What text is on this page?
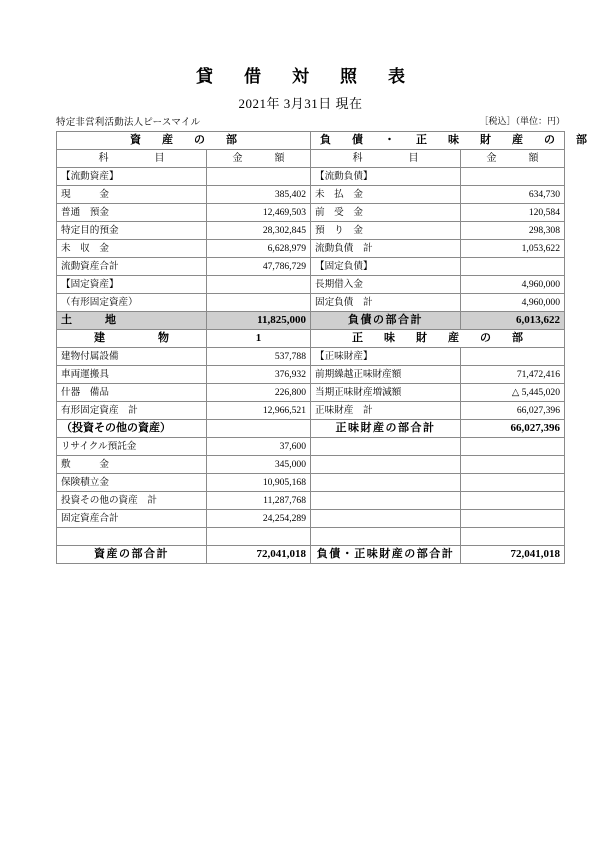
貸　借　対　照　表
2021年 3月31日 現在
特定非営利活動法人ピースマイル	［税込］（単位：円）
資　産　の　部		負　債　・　正　味　財　産　の　部	
科　　　目	金　　額	科　　　目	金　　額
【流動資産】		【流動負債】	
現　　　金	385,402	未　払　金	634,730
普通　預金	12,469,503	前　受　金	120,584
特定目的預金	28,302,845	預　り　金	298,308
未　収　金	6,628,979	流動負債　計	1,053,622
流動資産合計	47,786,729	【固定負債】	
【固定資産】		長期借入金	4,960,000
（有形固定資産）		固定負債　計	4,960,000
土　　　地	11,825,000	負債の部合計	6,013,622
建　　　物	1	正　味　財　産　の　部	
建物付属設備	537,788	【正味財産】	
車両運搬具	376,932	前期繰越正味財産額	71,472,416
什器　備品	226,800	当期正味財産増減額	△ 5,445,020
有形固定資産　計	12,966,521	正味財産　計	66,027,396
（投資その他の資産）		正味財産の部合計	66,027,396
リサイクル預託金	37,600		
敷　　　金	345,000		
保険積立金	10,905,168		
投資その他の資産　計	11,287,768		
固定資産合計	24,254,289		

資産の部合計	72,041,018	負債・正味財産の部合計	72,041,018
